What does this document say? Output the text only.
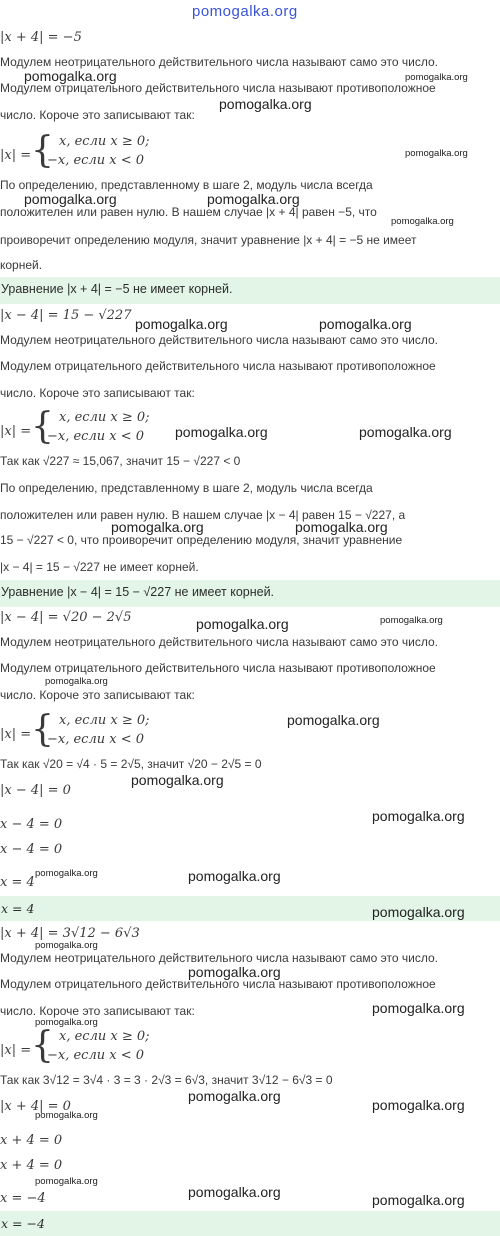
pomogalka.org
|x + 4| = −5
Модулем неотрицательного действительного числа называют само это число.
Модулем отрицательного действительного числа называют противоположное
число. Короче это записывают так:
|x| = { x, если x ≥ 0;
−x, если x < 0
По определению, представленному в шаге 2, модуль числа всегда
положителен или равен нулю. В нашем случае |x + 4| равен −5, что
проиворечит определению модуля, значит уравнение |x + 4| = −5 не имеет
корней.
Уравнение |x + 4| = −5 не имеет корней.
|x − 4| = 15 − √227
Модулем неотрицательного действительного числа называют само это число.
Модулем отрицательного действительного числа называют противоположное
число. Короче это записывают так:
|x| = { x, если x ≥ 0;
−x, если x < 0
Так как √227 ≈ 15,067, значит 15 − √227 < 0
По определению, представленному в шаге 2, модуль числа всегда
положителен или равен нулю. В нашем случае |x − 4| равен 15 − √227, а
15 − √227 < 0, что проиворечит определению модуля, значит уравнение
|x − 4| = 15 − √227 не имеет корней.
Уравнение |x − 4| = 15 − √227 не имеет корней.
|x − 4| = √20 − 2√5
Модулем неотрицательного действительного числа называют само это число.
Модулем отрицательного действительного числа называют противоположное
число. Короче это записывают так:
|x| = { x, если x ≥ 0;
−x, если x < 0
Так как √20 = √4 · 5 = 2√5, значит √20 − 2√5 = 0
|x − 4| = 0
x − 4 = 0
x − 4 = 0
x = 4
x = 4
|x + 4| = 3√12 − 6√3
Модулем неотрицательного действительного числа называют само это число.
Модулем отрицательного действительного числа называют противоположное
число. Короче это записывают так:
|x| = { x, если x ≥ 0;
−x, если x < 0
Так как 3√12 = 3√4 · 3 = 3 · 2√3 = 6√3, значит 3√12 − 6√3 = 0
|x + 4| = 0
x + 4 = 0
x + 4 = 0
x = −4
x = −4
pomogalka.org	pomogalka.org
pomogalka.org
pomogalka.org
pomogalka.org	pomogalka.org
pomogalka.org
pomogalka.org	pomogalka.org
pomogalka.org	pomogalka.org
pomogalka.org	pomogalka.org
pomogalka.org	pomogalka.org
pomogalka.org
pomogalka.org
pomogalka.org
pomogalka.org
pomogalka.org	pomogalka.org
pomogalka.org
pomogalka.org
pomogalka.org
pomogalka.org
pomogalka.org
pomogalka.org
pomogalka.org
pomogalka.org
pomogalka.org
pomogalka.org	pomogalka.org
